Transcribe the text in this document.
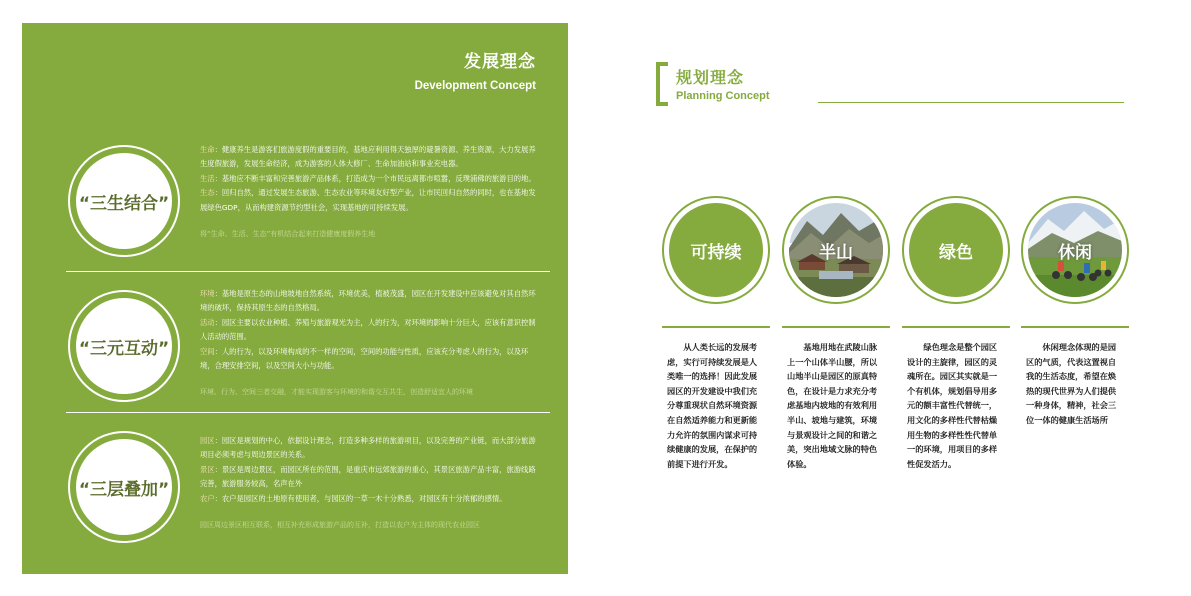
发展理念
Development Concept
“三生结合”
生命：健康养生是游客们旅游度假的重要目的，基地应利用得天独厚的避暑资源、养生资源，大力发展养生度假旅游，发展生命经济，成为游客的人体大修厂、生命加油站和事业充电器。
生活：基地应不断丰富和完善旅游产品体系，打造成为一个市民远离都市喧嚣，反璞浦佛的旅游目的地。
生态：回归自然，通过发展生态旅游、生态农业等环境友好型产业，让市民回归自然的同时，也在基地发展绿色GDP，从而构建资源节约型社会，实现基地的可持续发展。
将“生命、生活、生态”有机结合起来打造健康度假养生地
“三元互动”
环境：基地是原生态的山地坡地自然系统，环境优美，植被茂盛，园区在开发建设中应该避免对其自然环境的破坏，保持其原生态的自然格局。
活动：园区主要以农业种植、养殖与旅游观光为主，人的行为，对环境的影响十分巨大，应该有意识控制人活动的范围。
空间：人的行为，以及环境构成的不一样的空间，空间的功能与性质，应该充分考虑人的行为，以及环境，合理安排空间，以及空间大小与功能。
环境、行为、空间三者交融，才能实现游客与环境的和谐交互共生，创造舒适宜人的环境
“三层叠加”
园区：园区是规划的中心，依据设计理念，打造多种多样的旅游项目，以及完善的产业链，而大部分旅游项目必须考虑与周边景区的关系。
景区：景区是周边景区，而园区所在的范围，是重庆市远郊旅游的重心，其景区旅游产品丰富，旅游线路完善，旅游服务较高，名声在外
农户：农户是园区的土地原有使用者，与园区的一草一木十分熟悉，对园区有十分浓郁的感情。
园区周边景区相互联系，相互补充形成旅游产品的互补，打造以农户为主体的现代农业园区
规划理念
Planning Concept
可持续
从人类长远的发展考虑，实行可持续发展是人类唯一的选择！因此发展园区的开发建设中我们充分尊重现状自然环境资源在自然适养能力和更新能力允许的氛围内谋求可持续健康的发展，在保护的前提下进行开发。
半山
基地用地在武陵山脉上一个山体半山腰，所以山地半山是园区的原真特色，在设计是力求充分考虑基地内坡地的有效利用半山、坡地与建筑，环境与景观设计之间的和谐之美，突出地域文脉的特色体验。
绿色
绿色理念是整个园区设计的主旋律，园区的灵魂所在。园区其实就是一个有机体，规划倡导用多元的额丰富性代替统一，用文化的多样性代替枯燥用生物的多样性性代替单一的环境，用项目的多样性促发活力。
休闲
休闲理念体现的是园区的气质，代表这置视自我的生活态度，希望在焕热的现代世界为人们提供一种身体，精神，社会三位一体的健康生活场所
